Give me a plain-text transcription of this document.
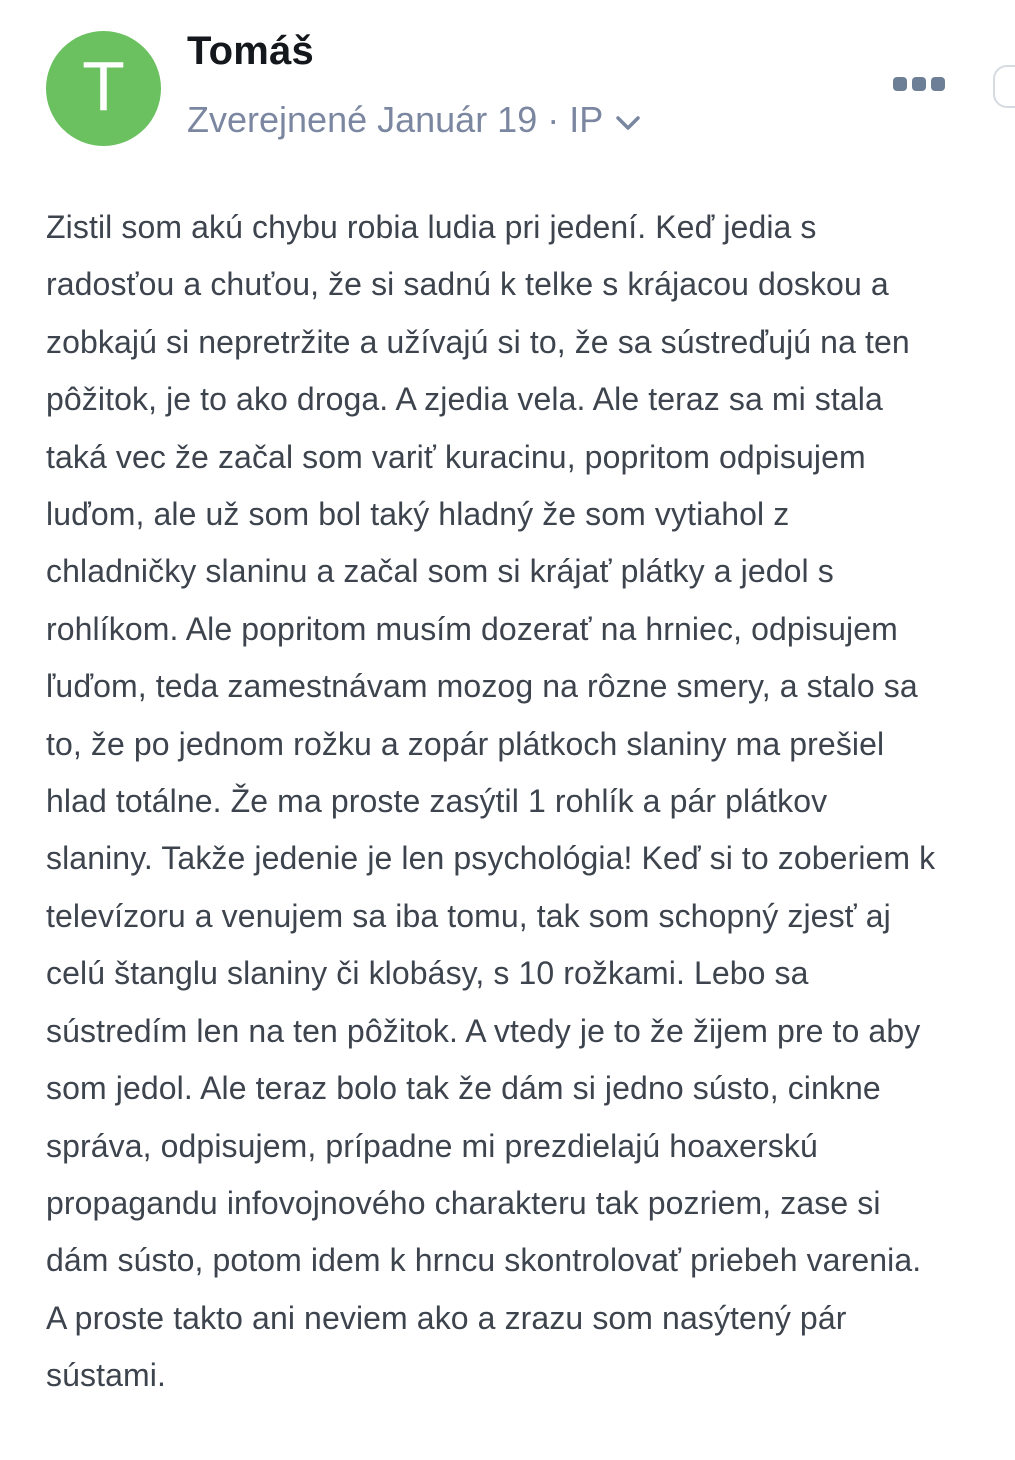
T Tomáš
Zverejnené Január 19 · IP
Zistil som akú chybu robia ludia pri jedení. Keď jedia s
radosťou a chuťou, že si sadnú k telke s krájacou doskou a
zobkajú si nepretržite a užívajú si to, že sa sústreďujú na ten
pôžitok, je to ako droga. A zjedia vela. Ale teraz sa mi stala
taká vec že začal som variť kuracinu, popritom odpisujem
luďom, ale už som bol taký hladný že som vytiahol z
chladničky slaninu a začal som si krájať plátky a jedol s
rohlíkom. Ale popritom musím dozerať na hrniec, odpisujem
ľuďom, teda zamestnávam mozog na rôzne smery, a stalo sa
to, že po jednom rožku a zopár plátkoch slaniny ma prešiel
hlad totálne. Že ma proste zasýtil 1 rohlík a pár plátkov
slaniny. Takže jedenie je len psychológia! Keď si to zoberiem k
televízoru a venujem sa iba tomu, tak som schopný zjesť aj
celú štanglu slaniny či klobásy, s 10 rožkami. Lebo sa
sústredím len na ten pôžitok. A vtedy je to že žijem pre to aby
som jedol. Ale teraz bolo tak že dám si jedno sústo, cinkne
správa, odpisujem, prípadne mi prezdielajú hoaxerskú
propagandu infovojnového charakteru tak pozriem, zase si
dám sústo, potom idem k hrncu skontrolovať priebeh varenia.
A proste takto ani neviem ako a zrazu som nasýtený pár
sústami.
